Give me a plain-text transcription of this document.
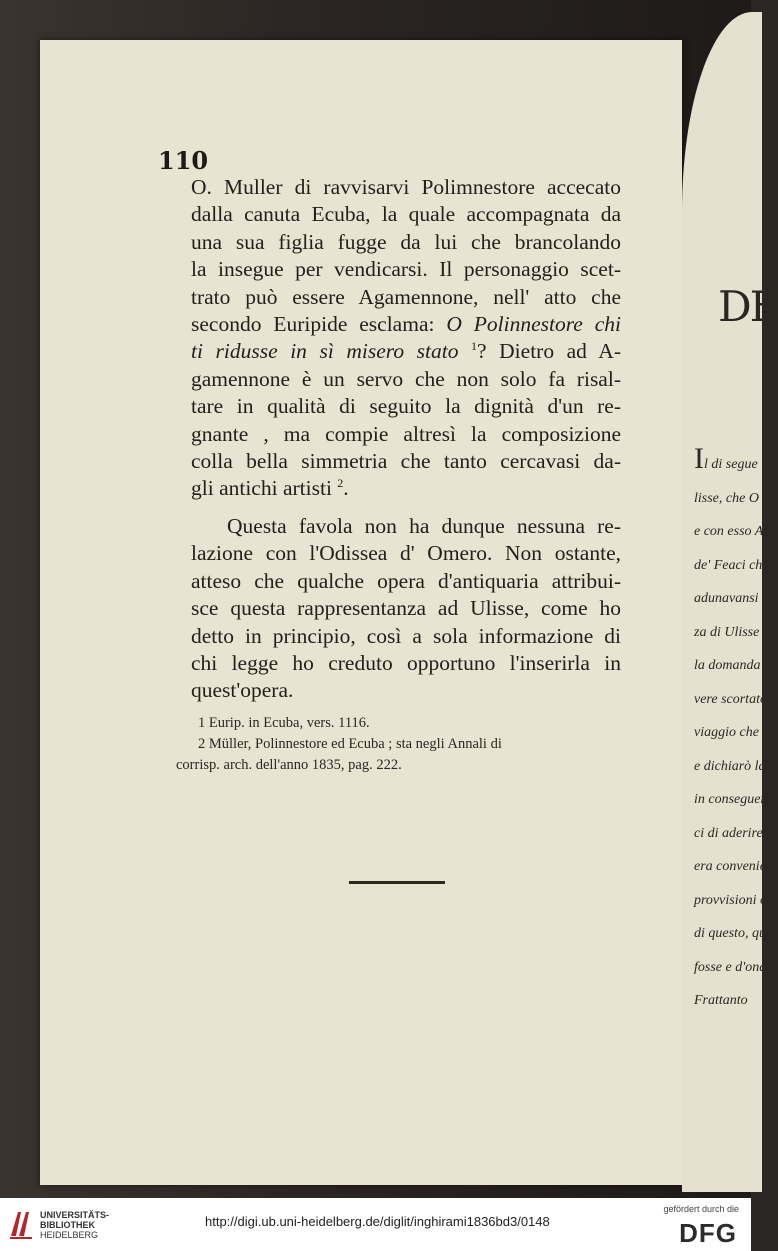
110
O. Muller di ravvisarvi Polimnestore accecato
dalla canuta Ecuba, la quale accompagnata da
una sua figlia fugge da lui che brancolando
la insegue per vendicarsi. Il personaggio scet-
trato può essere Agamennone, nell' atto che
secondo Euripide esclama: O Polinnestore chi
ti ridusse in sì misero stato $^1$? Dietro ad A-
gamennone è un servo che non solo fa risal-
tare in qualità di seguito la dignità d'un re-
gnante , ma compie altresì la composizione
colla bella simmetria che tanto cercavasi da-
gli antichi artisti $^2$.
Questa favola non ha dunque nessuna re-
lazione con l'Odissea d' Omero. Non ostante,
atteso che qualche opera d'antiquaria attribui-
sce questa rappresentanza ad Ulisse, come ho
detto in principio, così a sola informazione di
chi legge ho creduto opportuno l'inserirla in
quest'opera.
1 Eurip. in Ecuba, vers. 1116.
2 Müller, Polinnestore ed Ecuba ; sta negli Annali di
corrisp. arch. dell'anno 1835, pag. 222.
DE
Il di segue
lisse, che O
e con esso A
de' Feaci ch
adunavansi
za di Ulisse
la domanda
vere scortato
viaggio che
e dichiarò la
in conseguen
ci di aderire
era convenie
provvisioni or
di questo, qu
fosse e d'ona
Frattanto
UNIVERSITÄTS-
BIBLIOTHEK
HEIDELBERG
http://digi.ub.uni-heidelberg.de/diglit/inghirami1836bd3/0148
gefördert durch die
DFG
